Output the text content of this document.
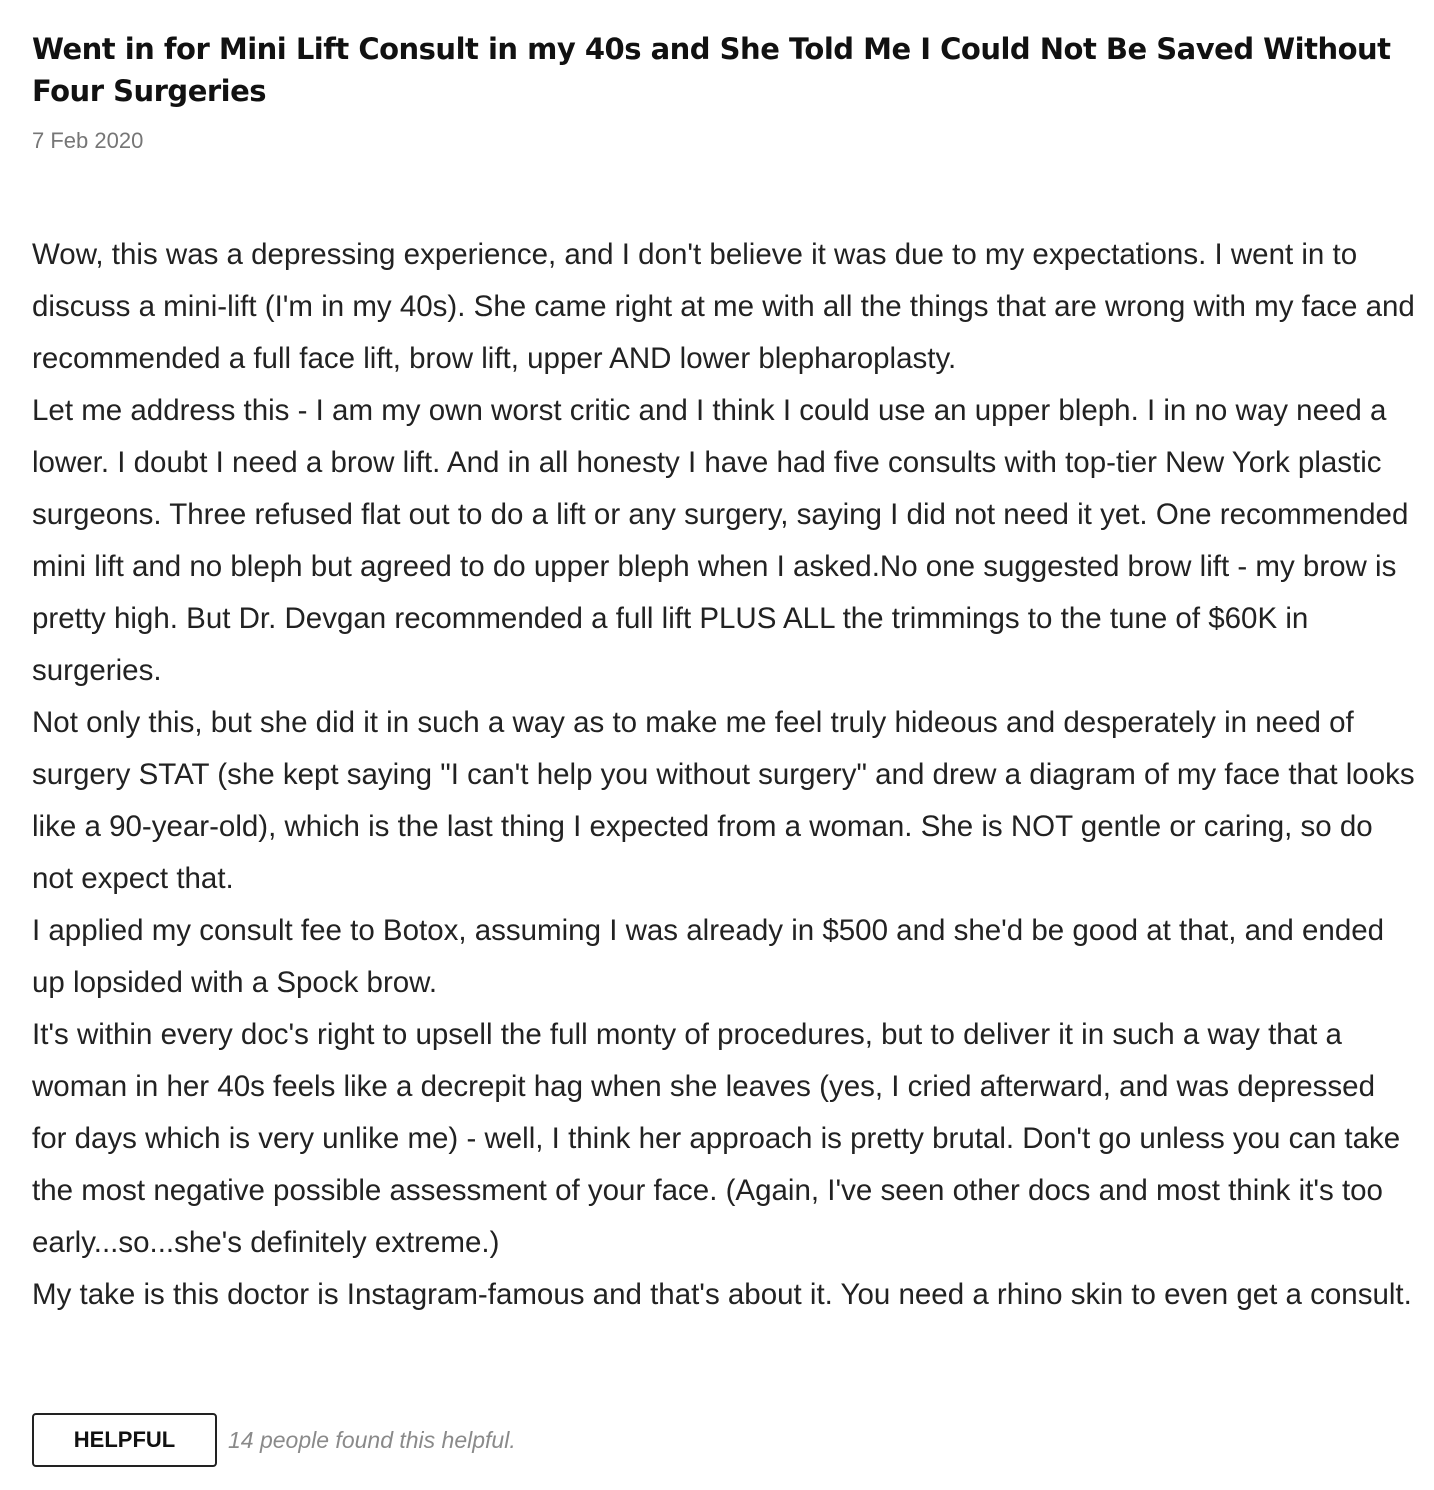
Went in for Mini Lift Consult in my 40s and She Told Me I Could Not Be Saved Without Four Surgeries
7 Feb 2020

Wow, this was a depressing experience, and I don't believe it was due to my expectations. I went in to discuss a mini-lift (I'm in my 40s). She came right at me with all the things that are wrong with my face and recommended a full face lift, brow lift, upper AND lower blepharoplasty.

Let me address this - I am my own worst critic and I think I could use an upper bleph. I in no way need a lower. I doubt I need a brow lift. And in all honesty I have had five consults with top-tier New York plastic surgeons. Three refused flat out to do a lift or any surgery, saying I did not need it yet. One recommended mini lift and no bleph but agreed to do upper bleph when I asked.No one suggested brow lift - my brow is pretty high. But Dr. Devgan recommended a full lift PLUS ALL the trimmings to the tune of $60K in surgeries.

Not only this, but she did it in such a way as to make me feel truly hideous and desperately in need of surgery STAT (she kept saying "I can't help you without surgery" and drew a diagram of my face that looks like a 90-year-old), which is the last thing I expected from a woman. She is NOT gentle or caring, so do not expect that.

I applied my consult fee to Botox, assuming I was already in $500 and she'd be good at that, and ended up lopsided with a Spock brow.

It's within every doc's right to upsell the full monty of procedures, but to deliver it in such a way that a woman in her 40s feels like a decrepit hag when she leaves (yes, I cried afterward, and was depressed for days which is very unlike me) - well, I think her approach is pretty brutal. Don't go unless you can take the most negative possible assessment of your face. (Again, I've seen other docs and most think it's too early...so...she's definitely extreme.)

My take is this doctor is Instagram-famous and that's about it. You need a rhino skin to even get a consult.

HELPFUL	14 people found this helpful.
